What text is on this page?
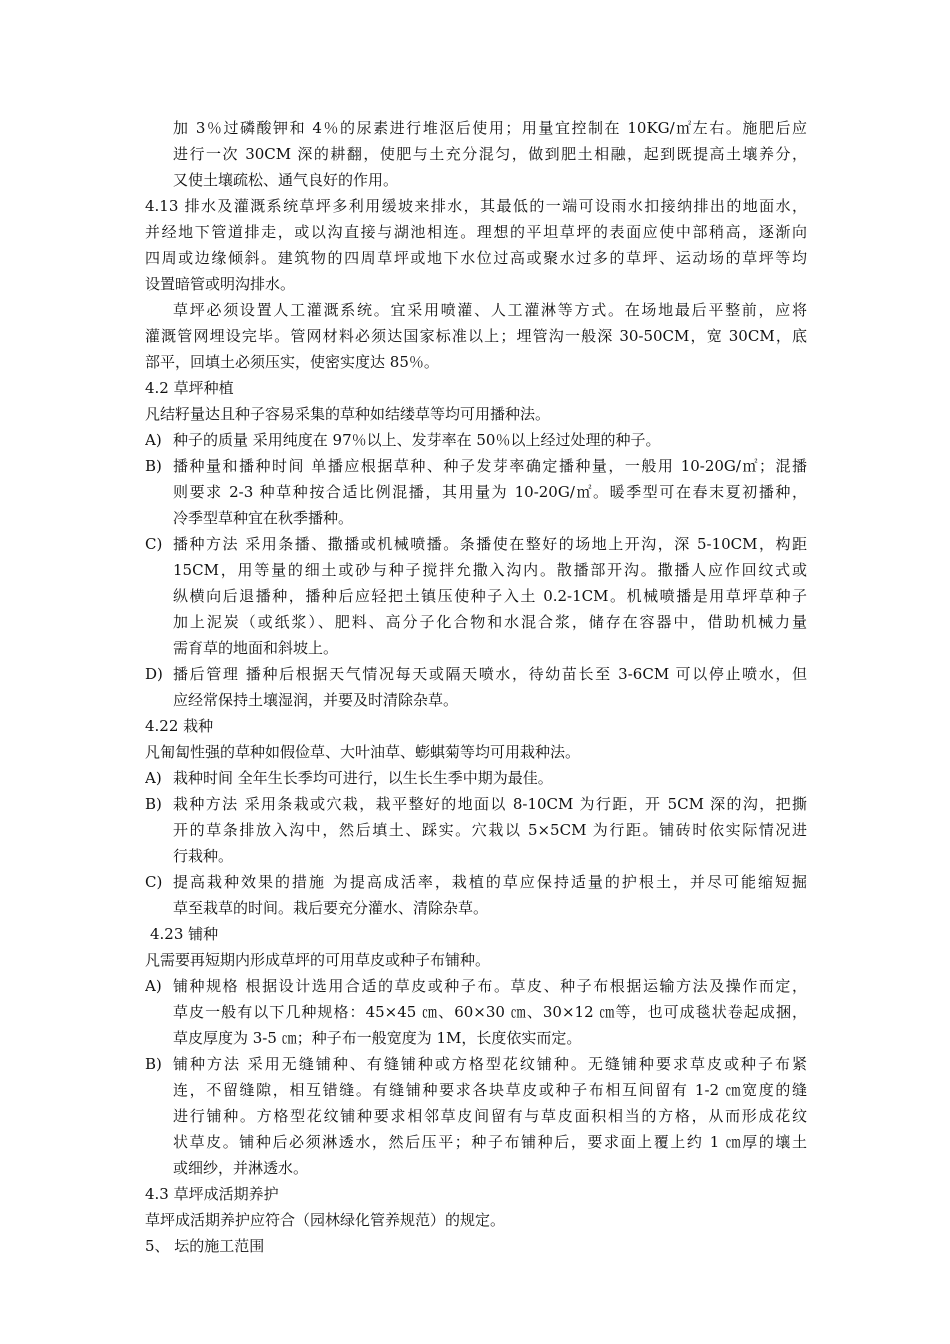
加 3％过磷酸钾和 4％的尿素进行堆沤后使用；用量宜控制在 10KG/㎡左右。施肥后应
进行一次 30CM 深的耕翻，使肥与土充分混匀，做到肥土相融，起到既提高土壤养分，
又使土壤疏松、通气良好的作用。
4.13 排水及灌溉系统草坪多利用缓坡来排水，其最低的一端可设雨水扣接纳排出的地面水，
并经地下管道排走，或以沟直接与湖池相连。理想的平坦草坪的表面应使中部稍高，逐渐向
四周或边缘倾斜。建筑物的四周草坪或地下水位过高或聚水过多的草坪、运动场的草坪等均
设置暗管或明沟排水。
草坪必须设置人工灌溉系统。宜采用喷灌、人工灌淋等方式。在场地最后平整前，应将
灌溉管网埋设完毕。管网材料必须达国家标准以上；埋管沟一般深 30-50CM，宽 30CM，底
部平，回填土必须压实，使密实度达 85％。
4.2 草坪种植
凡结籽量达且种子容易采集的草种如结缕草等均可用播种法。
A) 种子的质量 采用纯度在 97％以上、发芽率在 50％以上经过处理的种子。
B) 播种量和播种时间 单播应根据草种、种子发芽率确定播种量，一般用 10-20G/㎡；混播
则要求 2-3 种草种按合适比例混播，其用量为 10-20G/㎡。暖季型可在春末夏初播种，
冷季型草种宜在秋季播种。
C) 播种方法 采用条播、撒播或机械喷播。条播使在整好的场地上开沟，深 5-10CM，构距
15CM，用等量的细土或砂与种子搅拌允撒入沟内。散播部开沟。撒播人应作回纹式或
纵横向后退播种，播种后应轻把土镇压使种子入土 0.2-1CM。机械喷播是用草坪草种子
加上泥炭（或纸浆）、肥料、高分子化合物和水混合浆，储存在容器中，借助机械力量
需育草的地面和斜坡上。
D) 播后管理 播种后根据天气情况每天或隔天喷水，待幼苗长至 3-6CM 可以停止喷水，但
应经常保持土壤湿润，并要及时清除杂草。
4.22 栽种
凡匍匐性强的草种如假俭草、大叶油草、蟛蜞菊等均可用栽种法。
A) 栽种时间 全年生长季均可进行，以生长生季中期为最佳。
B) 栽种方法 采用条栽或穴栽，栽平整好的地面以 8-10CM 为行距，开 5CM 深的沟，把撕
开的草条排放入沟中，然后填土、踩实。穴栽以 5×5CM 为行距。铺砖时依实际情况进
行栽种。
C) 提高栽种效果的措施 为提高成活率，栽植的草应保持适量的护根土，并尽可能缩短掘
草至栽草的时间。栽后要充分灌水、清除杂草。
4.23 铺种
凡需要再短期内形成草坪的可用草皮或种子布铺种。
A) 铺种规格 根据设计选用合适的草皮或种子布。草皮、种子布根据运输方法及操作而定，
草皮一般有以下几种规格：45×45 ㎝、60×30 ㎝、30×12 ㎝等，也可成毯状卷起成捆，
草皮厚度为 3-5 ㎝；种子布一般宽度为 1M，长度依实而定。
B) 铺种方法 采用无缝铺种、有缝铺种或方格型花纹铺种。无缝铺种要求草皮或种子布紧
连，不留缝隙，相互错缝。有缝铺种要求各块草皮或种子布相互间留有 1-2 ㎝宽度的缝
进行铺种。方格型花纹铺种要求相邻草皮间留有与草皮面积相当的方格，从而形成花纹
状草皮。铺种后必须淋透水，然后压平；种子布铺种后，要求面上覆上约 1 ㎝厚的壤土
或细纱，并淋透水。
4.3 草坪成活期养护
草坪成活期养护应符合（园林绿化管养规范）的规定。
5、 坛的施工范围
